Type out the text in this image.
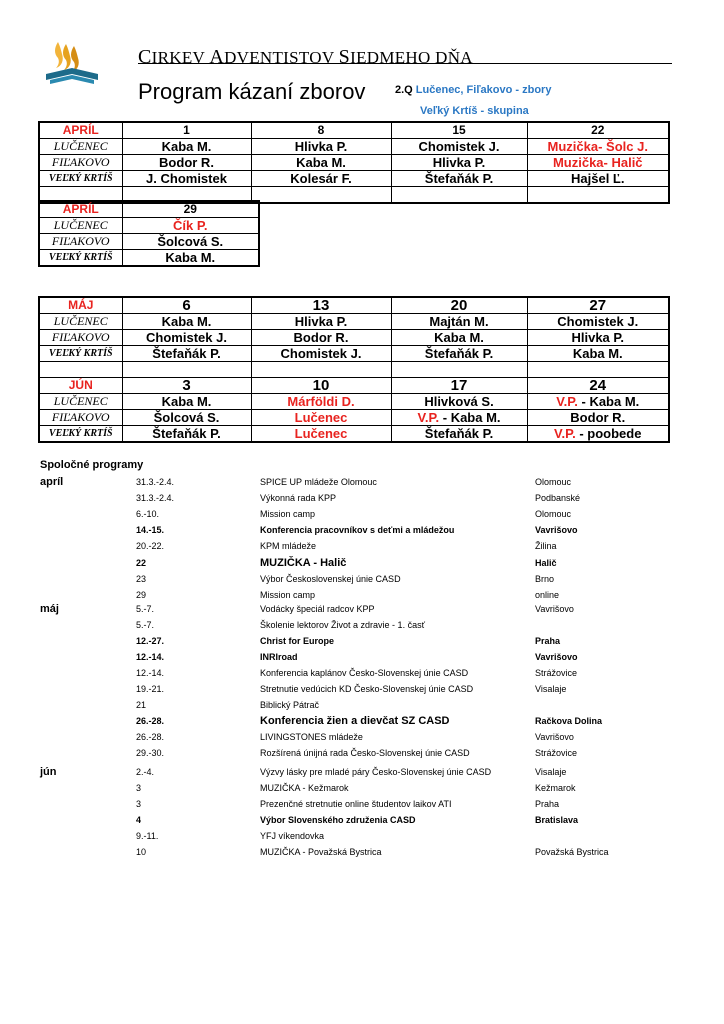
CIRKEV ADVENTISTOV SIEDMEHO DŇA
Program kázaní zborov	2.Q Lučenec, Fiľakovo - zbory
Veľký Krtíš - skupina
APRÍL	1	8	15	22
LUČENEC	Kaba M.	Hlivka P.	Chomistek J.	Muzička- Šolc J.
FIĽAKOVO	Bodor R.	Kaba M.	Hlivka P.	Muzička- Halič
VEĽKÝ KRTÍŠ	J. Chomistek	Kolesár F.	Štefaňák P.	Hajšel Ľ.

APRÍL	29
LUČENEC	Čík P.
FIĽAKOVO	Šolcová S.
VEĽKÝ KRTÍŠ	Kaba M.
MÁJ	6	13	20	27
LUČENEC	Kaba M.	Hlivka P.	Majtán M.	Chomistek J.
FIĽAKOVO	Chomistek J.	Bodor R.	Kaba M.	Hlivka P.
VEĽKÝ KRTÍŠ	Štefaňák P.	Chomistek J.	Štefaňák P.	Kaba M.

JÚN	3	10	17	24
LUČENEC	Kaba M.	Márföldi D.	Hlivková S.	V.P. - Kaba M.
FIĽAKOVO	Šolcová S.	Lučenec	V.P. - Kaba M.	Bodor R.
VEĽKÝ KRTÍŠ	Štefaňák P.	Lučenec	Štefaňák P.	V.P. - poobede
Spoločné programy
apríl	31.3.-2.4.	SPICE UP mládeže Olomouc	Olomouc
31.3.-2.4.	Výkonná rada KPP	Podbanské
6.-10.	Mission camp	Olomouc
14.-15.	Konferencia pracovníkov s deťmi a mládežou	Vavrišovo
20.-22.	KPM mládeže	Žilina
22	MUZIČKA - Halič	Halič
23	Výbor Československej únie CASD	Brno
29	Mission camp	online
máj	5.-7.	Vodácky špeciál radcov KPP	Vavrišovo
5.-7.	Školenie lektorov Život a zdravie - 1. časť
12.-27.	Christ for Europe	Praha
12.-14.	INRIroad	Vavrišovo
12.-14.	Konferencia kaplánov Česko-Slovenskej únie CASD	Strážovice
19.-21.	Stretnutie vedúcich KD Česko-Slovenskej únie CASD	Visalaje
21	Biblický Pátrač
26.-28.	Konferencia žien a dievčat SZ CASD	Račkova Dolina
26.-28.	LIVINGSTONES mládeže	Vavrišovo
29.-30.	Rozšírená únijná rada Česko-Slovenskej únie CASD	Strážovice
jún	2.-4.	Výzvy lásky pre mladé páry Česko-Slovenskej únie CASD	Visalaje
3	MUZIČKA - Kežmarok	Kežmarok
3	Prezenčné stretnutie online študentov laikov ATI	Praha
4	Výbor Slovenského združenia CASD	Bratislava
9.-11.	YFJ víkendovka
10	MUZIČKA - Považská Bystrica	Považská Bystrica
